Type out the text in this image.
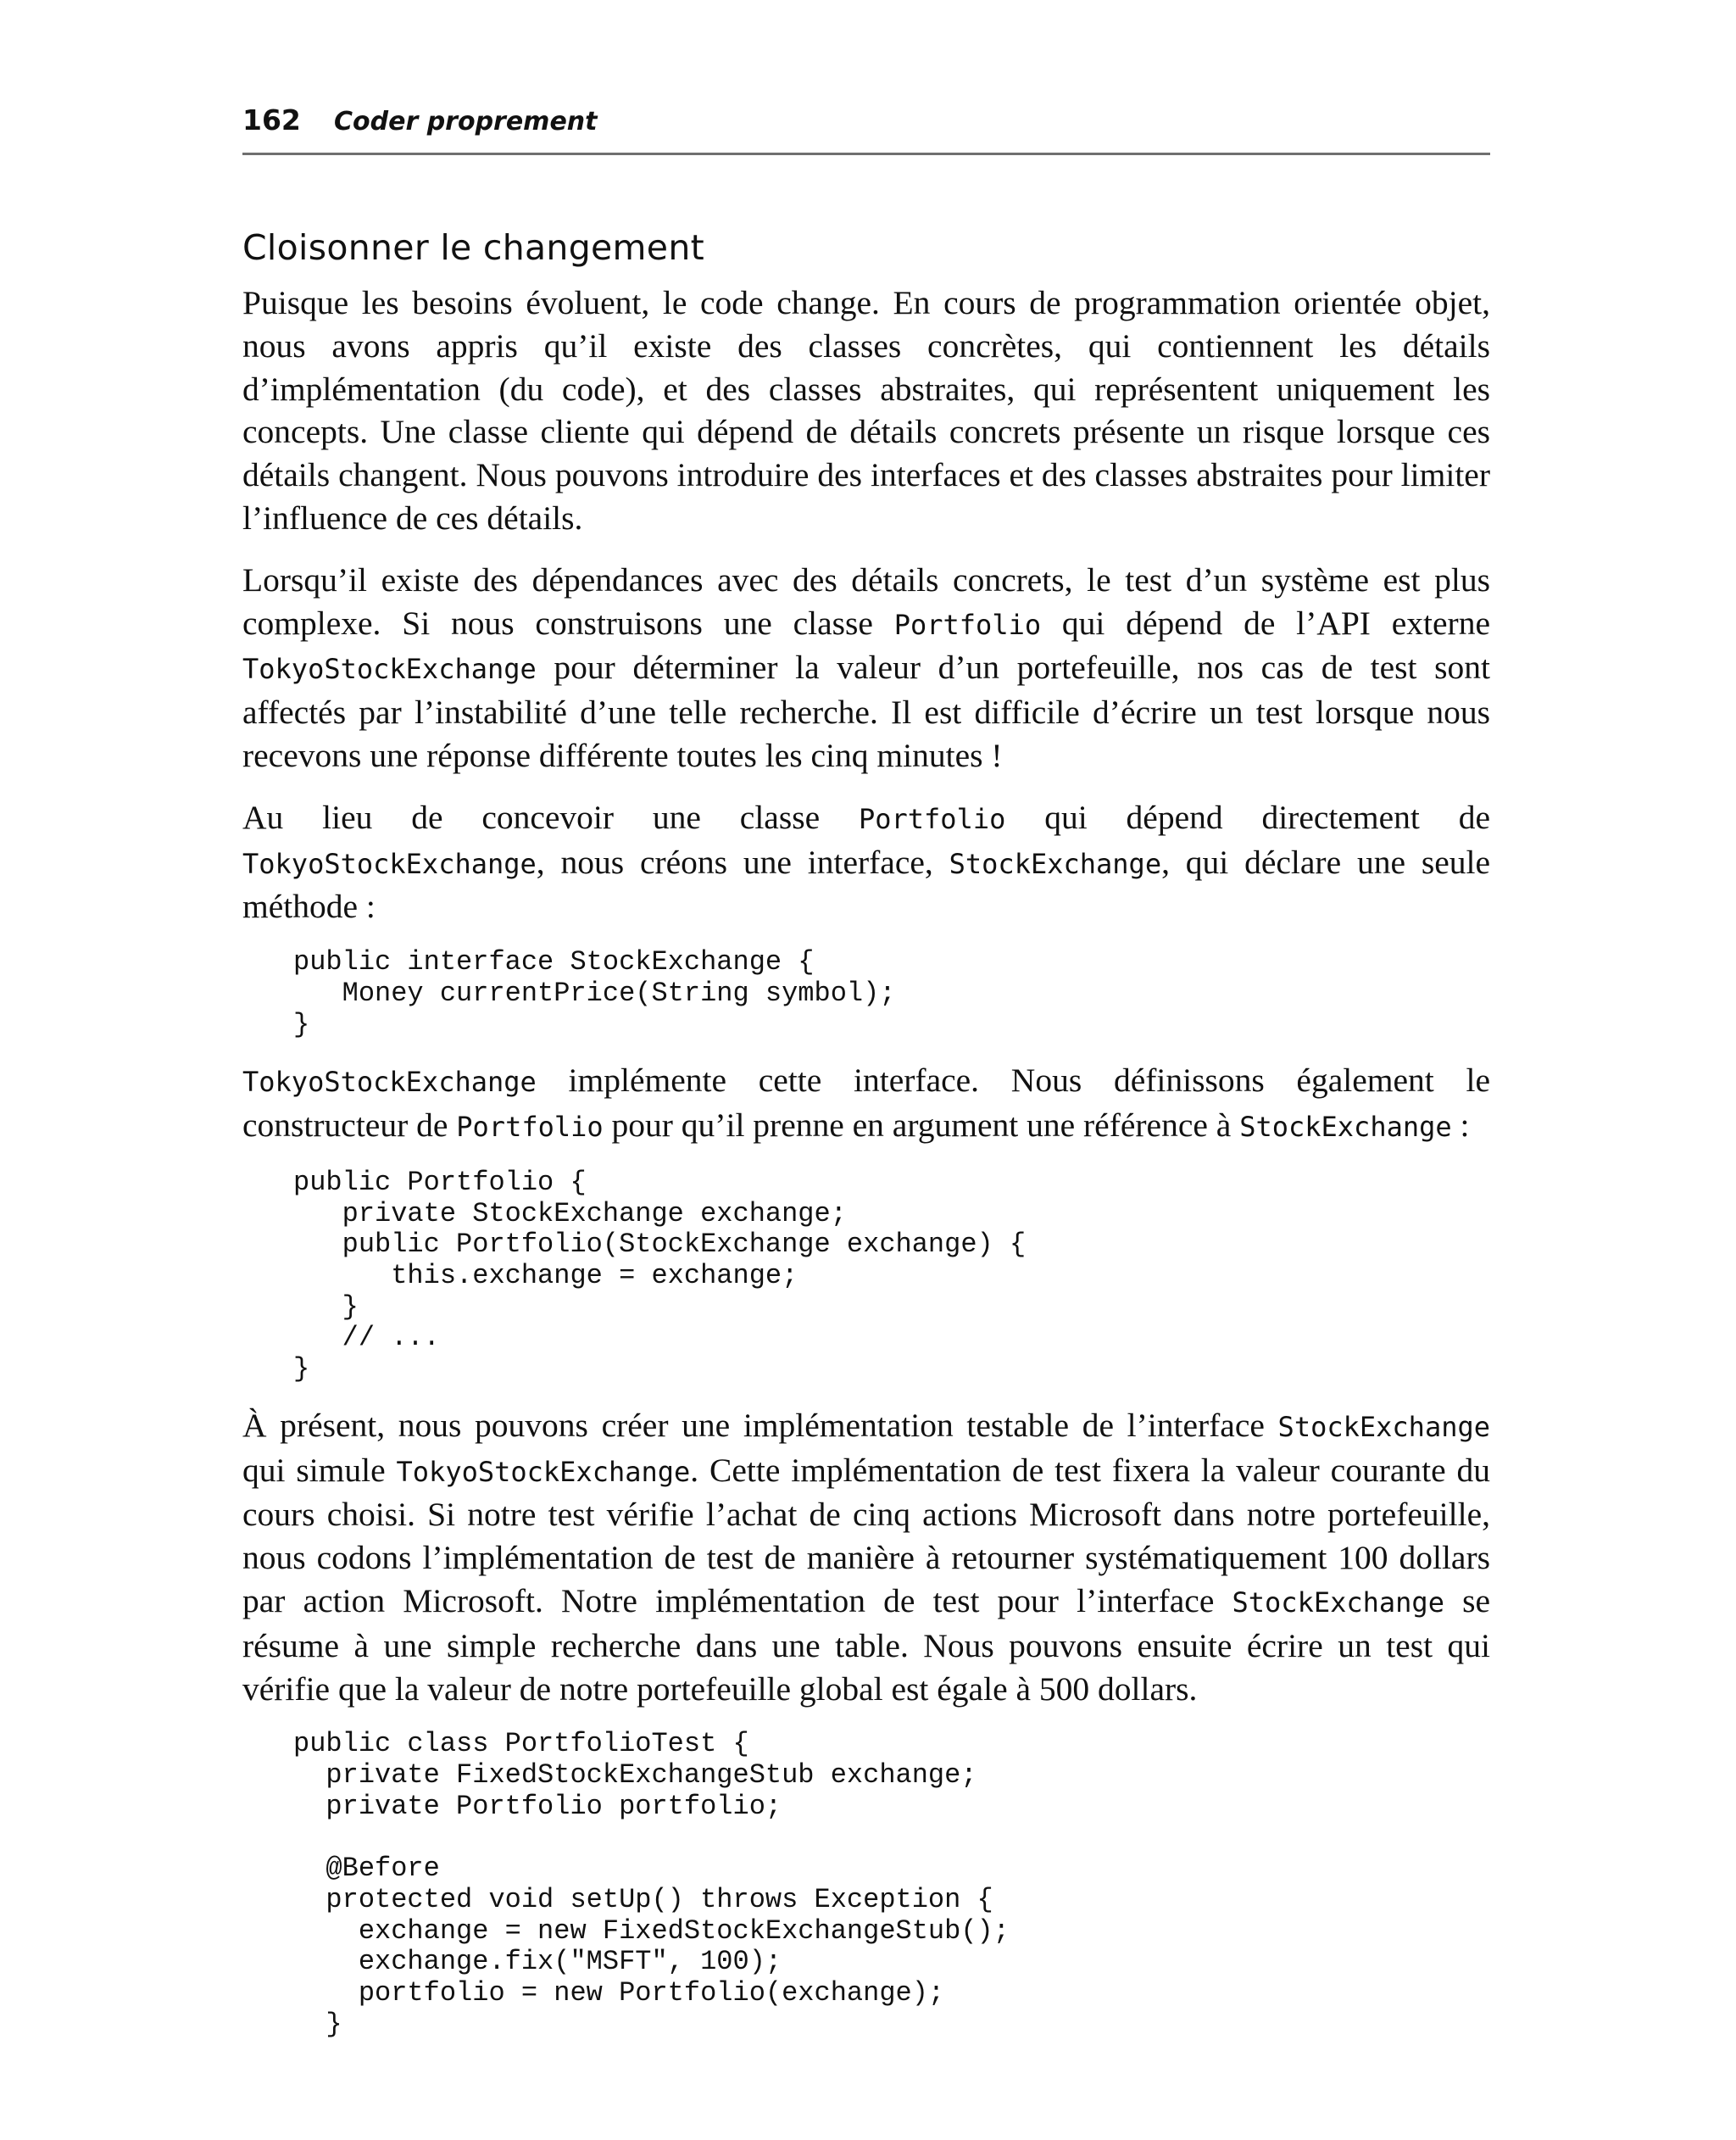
162 Coder proprement
Cloisonner le changement

Puisque les besoins évoluent, le code change. En cours de programmation orientée objet, nous avons appris qu’il existe des classes concrètes, qui contiennent les détails d’implémentation (du code), et des classes abstraites, qui représentent uniquement les concepts. Une classe cliente qui dépend de détails concrets présente un risque lorsque ces détails changent. Nous pouvons introduire des interfaces et des classes abstraites pour limiter l’influence de ces détails.

Lorsqu’il existe des dépendances avec des détails concrets, le test d’un système est plus complexe. Si nous construisons une classe Portfolio qui dépend de l’API externe TokyoStockExchange pour déterminer la valeur d’un portefeuille, nos cas de test sont affectés par l’instabilité d’une telle recherche. Il est difficile d’écrire un test lorsque nous recevons une réponse différente toutes les cinq minutes !

Au lieu de concevoir une classe Portfolio qui dépend directement de TokyoStockExchange, nous créons une interface, StockExchange, qui déclare une seule méthode :

public interface StockExchange {
Money currentPrice(String symbol);
}

TokyoStockExchange implémente cette interface. Nous définissons également le constructeur de Portfolio pour qu’il prenne en argument une référence à StockExchange :

public Portfolio {
private StockExchange exchange;
public Portfolio(StockExchange exchange) {
this.exchange = exchange;
}
// ...
}

À présent, nous pouvons créer une implémentation testable de l’interface StockExchange qui simule TokyoStockExchange. Cette implémentation de test fixera la valeur courante du cours choisi. Si notre test vérifie l’achat de cinq actions Microsoft dans notre portefeuille, nous codons l’implémentation de test de manière à retourner systématiquement 100 dollars par action Microsoft. Notre implémentation de test pour l’interface StockExchange se résume à une simple recherche dans une table. Nous pouvons ensuite écrire un test qui vérifie que la valeur de notre portefeuille global est égale à 500 dollars.

public class PortfolioTest {
private FixedStockExchangeStub exchange;
private Portfolio portfolio;

@Before
protected void setUp() throws Exception {
exchange = new FixedStockExchangeStub();
exchange.fix("MSFT", 100);
portfolio = new Portfolio(exchange);
}
